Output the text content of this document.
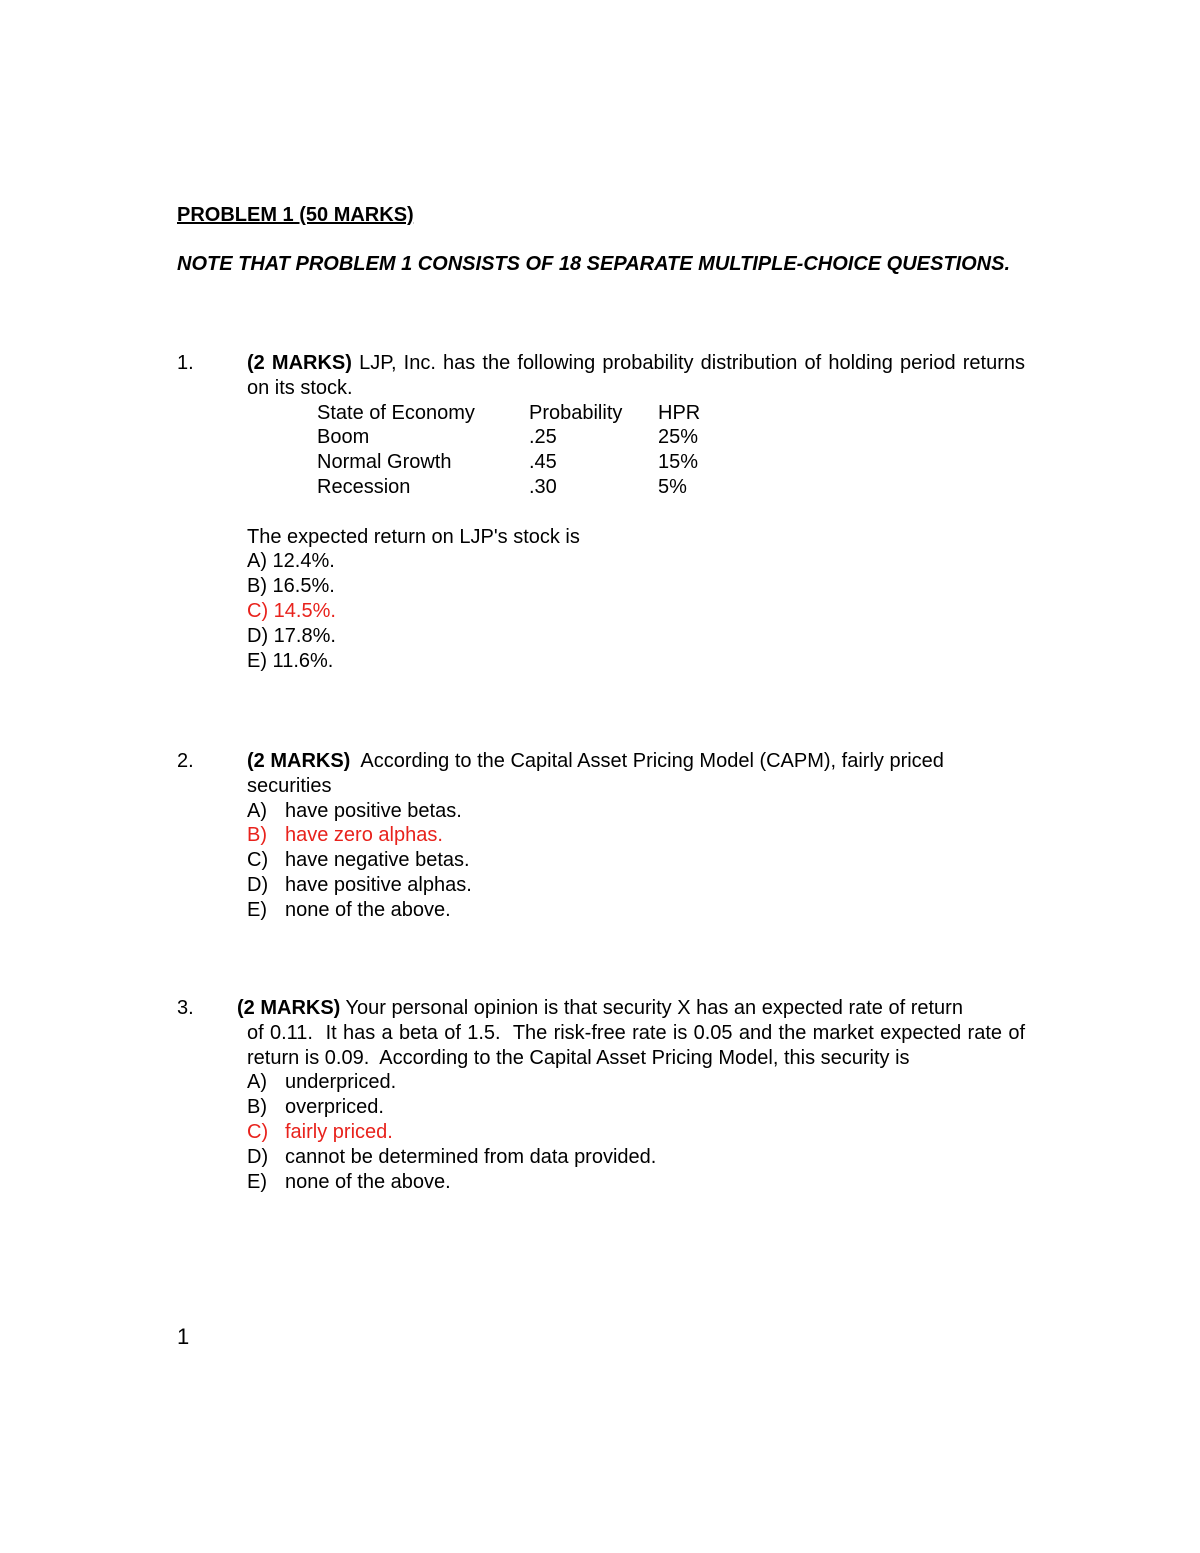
PROBLEM 1 (50 MARKS)
NOTE THAT PROBLEM 1 CONSISTS OF 18 SEPARATE MULTIPLE-CHOICE QUESTIONS.
1.	(2 MARKS) LJP, Inc. has the following probability distribution of holding period returns on its stock.
State of Economy	Probability	HPR
Boom	.25	25%
Normal Growth	.45	15%
Recession	.30	5%
The expected return on LJP's stock is
A) 12.4%.
B) 16.5%.
C) 14.5%.
D) 17.8%.
E) 11.6%.
2.	(2 MARKS)  According to the Capital Asset Pricing Model (CAPM), fairly priced securities
A) have positive betas.
B) have zero alphas.
C) have negative betas.
D) have positive alphas.
E) none of the above.
3. (2 MARKS) Your personal opinion is that security X has an expected rate of return
of 0.11.  It has a beta of 1.5.  The risk-free rate is 0.05 and the market expected rate of return is 0.09.  According to the Capital Asset Pricing Model, this security is
A) underpriced.
B) overpriced.
C) fairly priced.
D) cannot be determined from data provided.
E) none of the above.
1
